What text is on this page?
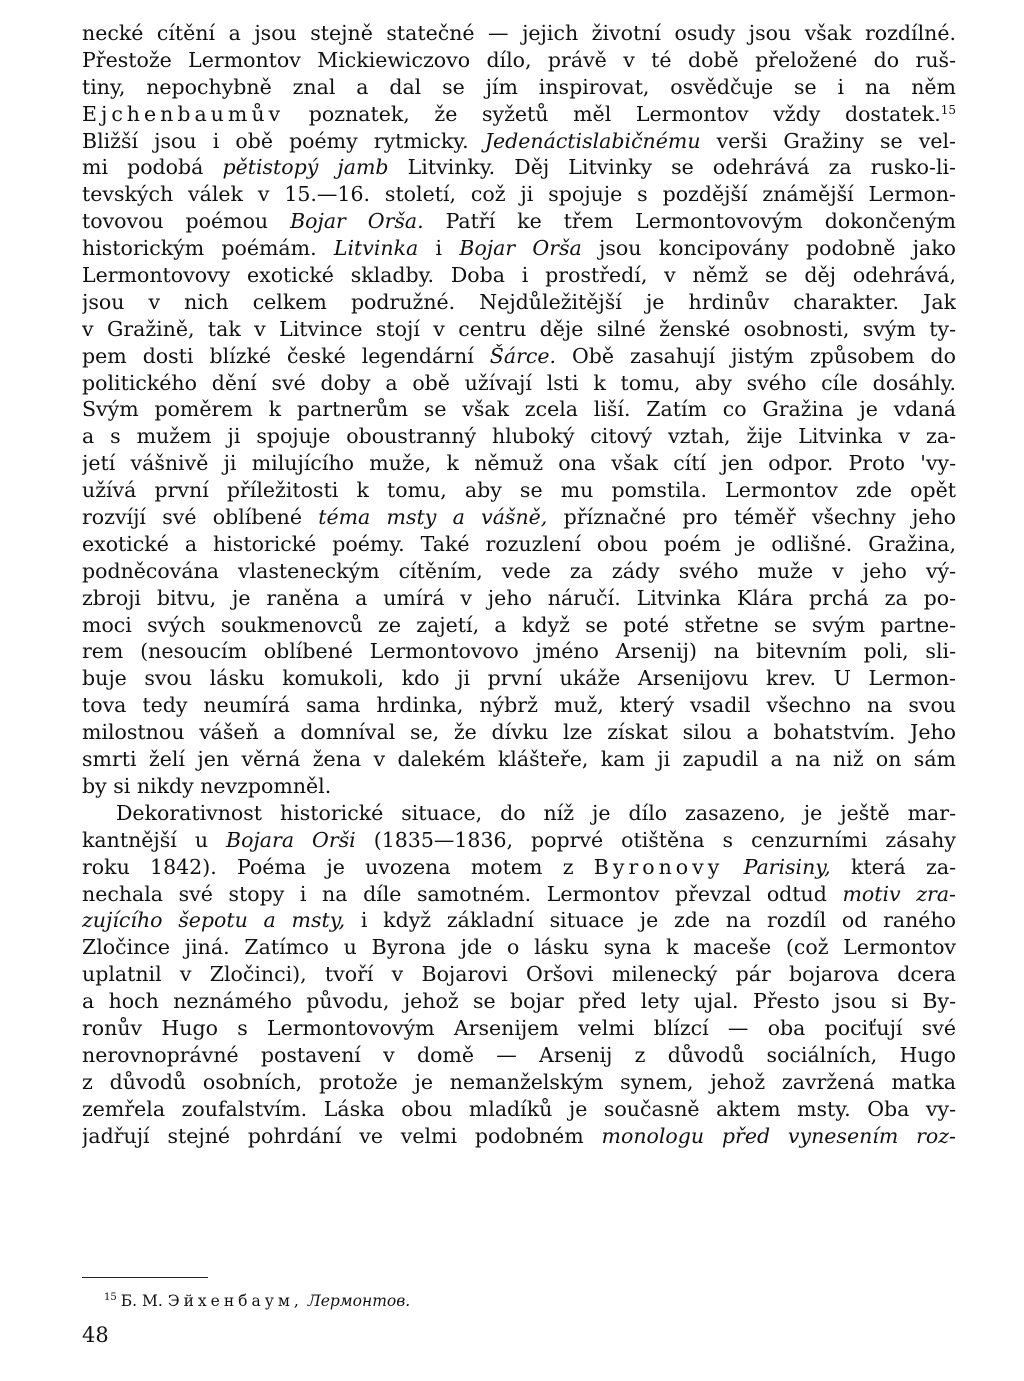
necké cítění a jsou stejně statečné — jejich životní osudy jsou však rozdílné.
Přestože Lermontov Mickiewiczovo dílo, právě v té době přeložené do ruš-
tiny, nepochybně znal a dal se jím inspirovat, osvědčuje se i na něm
Ejchenbaumův poznatek, že syžetů měl Lermontov vždy dostatek.$^{15}$
Bližší jsou i obě poémy rytmicky. Jedenáctislabičnému verši Gražiny se vel-
mi podobá pětistopý jamb Litvinky. Děj Litvinky se odehrává za rusko-li-
tevských válek v 15.—16. století, což ji spojuje s pozdější známější Lermon-
tovovou poémou Bojar Orša. Patří ke třem Lermontovovým dokončeným
historickým poémám. Litvinka i Bojar Orša jsou koncipovány podobně jako
Lermontovovy exotické skladby. Doba i prostředí, v němž se děj odehrává,
jsou v nich celkem podružné. Nejdůležitější je hrdinův charakter. Jak
v Gražině, tak v Litvince stojí v centru děje silné ženské osobnosti, svým ty-
pem dosti blízké české legendární Šárce. Obě zasahují jistým způsobem do
politického dění své doby a obě užívají lsti k tomu, aby svého cíle dosáhly.
Svým poměrem k partnerům se však zcela liší. Zatím co Gražina je vdaná
a s mužem ji spojuje oboustranný hluboký citový vztah, žije Litvinka v za-
jetí vášnivě ji milujícího muže, k němuž ona však cítí jen odpor. Proto 'vy-
užívá první příležitosti k tomu, aby se mu pomstila. Lermontov zde opět
rozvíjí své oblíbené téma msty a vášně, příznačné pro téměř všechny jeho
exotické a historické poémy. Také rozuzlení obou poém je odlišné. Gražina,
podněcována vlasteneckým cítěním, vede za zády svého muže v jeho vý-
zbroji bitvu, je raněna a umírá v jeho náručí. Litvinka Klára prchá za po-
moci svých soukmenovců ze zajetí, a když se poté střetne se svým partne-
rem (nesoucím oblíbené Lermontovovo jméno Arsenij) na bitevním poli, sli-
buje svou lásku komukoli, kdo ji první ukáže Arsenijovu krev. U Lermon-
tova tedy neumírá sama hrdinka, nýbrž muž, který vsadil všechno na svou
milostnou vášeň a domníval se, že dívku lze získat silou a bohatstvím. Jeho
smrti želí jen věrná žena v dalekém klášteře, kam ji zapudil a na niž on sám
by si nikdy nevzpomněl.
Dekorativnost historické situace, do níž je dílo zasazeno, je ještě mar-
kantnější u Bojara Orši (1835—1836, poprvé otištěna s cenzurními zásahy
roku 1842). Poéma je uvozena motem z Byronovy Parisiny, která za-
nechala své stopy i na díle samotném. Lermontov převzal odtud motiv zra-
zujícího šepotu a msty, i když základní situace je zde na rozdíl od raného
Zločince jiná. Zatímco u Byrona jde o lásku syna k maceše (což Lermontov
uplatnil v Zločinci), tvoří v Bojarovi Oršovi milenecký pár bojarova dcera
a hoch neznámého původu, jehož se bojar před lety ujal. Přesto jsou si By-
ronův Hugo s Lermontovovým Arsenijem velmi blízcí — oba pociťují své
nerovnoprávné postavení v domě — Arsenij z důvodů sociálních, Hugo
z důvodů osobních, protože je nemanželským synem, jehož zavržená matka
zemřela zoufalstvím. Láska obou mladíků je současně aktem msty. Oba vy-
jadřují stejné pohrdání ve velmi podobném monologu před vynesením roz-
$^{15}$ Б. М. Эйхенбаум, Лермонтов.
48
